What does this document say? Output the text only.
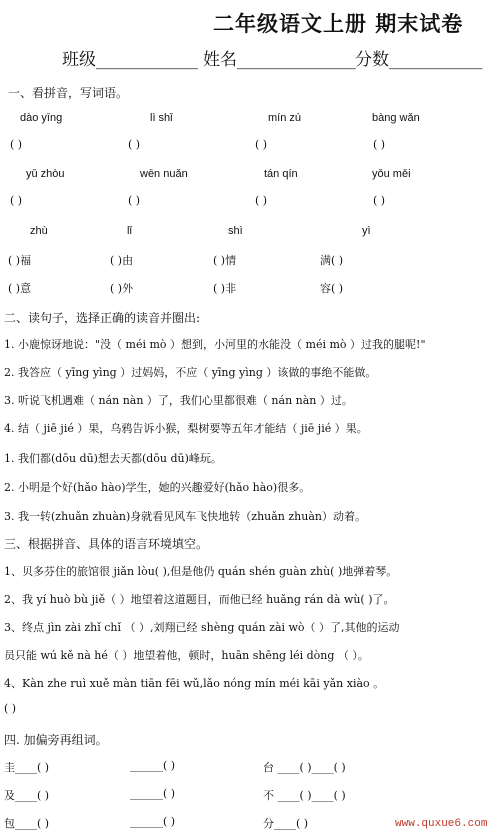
二年级语文上册 期末试卷
班级____________ 姓名______________ 分数___________
一、看拼音，写词语。
dào yīng	lì shǐ	mín zú	bàng wǎn
( )	( )	( )	( )
yǔ zhòu	wēn nuǎn	tán qín	yǒu měi
( )	( )	( )	( )
zhù	lǐ	shì	yì
( )福	( )由	( )情	满( )
( )意	( )外	( )非	容( )
二、读句子，选择正确的读音并圈出:
1. 小鹿惊讶地说："没（ méi mò ）想到，小河里的水能没（ méi mò ）过我的腿呢!"
2. 我答应（ yīng yìng ）过妈妈，不应（ yīng yìng ）该做的事绝不能做。
3. 听说飞机遇难（ nán nàn ）了，我们心里都很难（ nán nàn ）过。
4. 结（ jiē jié ）果，乌鸦告诉小猴，梨树要等五年才能结（ jiē jié ）果。
1. 我们都(dōu dū)想去天都(dōu dū)峰玩。
2. 小明是个好(hǎo hào)学生，她的兴趣爱好(hǎo hào)很多。
3. 我一转(zhuǎn zhuàn)身就看见风车飞快地转（zhuǎn zhuàn）动着。
三、根据拼音、具体的语言环境填空。
1、贝多芬住的旅馆很 jiǎn lòu( ),但是他仍 quán shén guàn zhù( )地弹着琴。
2、我 yí huò bù jiě（ ）地望着这道题目，而他已经 huǎng rán dà wù( )了。
3、终点 jìn zài zhǐ chǐ （ ）,刘翔已经 shèng quán zài wò（ ）了,其他的运动
员只能 wú kě nà hé（ ）地望着他，顿时，huān shēng léi dòng （ ）。
4、Kàn zhe ruì xuě màn tiān fēi wǔ,lǎo nóng mín méi kāi yǎn xiào 。
( )
四. 加偏旁再组词。
圭____( )	______( )	台 ____( )____( )
及____( )	______( )	不 ____( )____( )
包____( )	______( )	分____( )	www.quxue6.com
